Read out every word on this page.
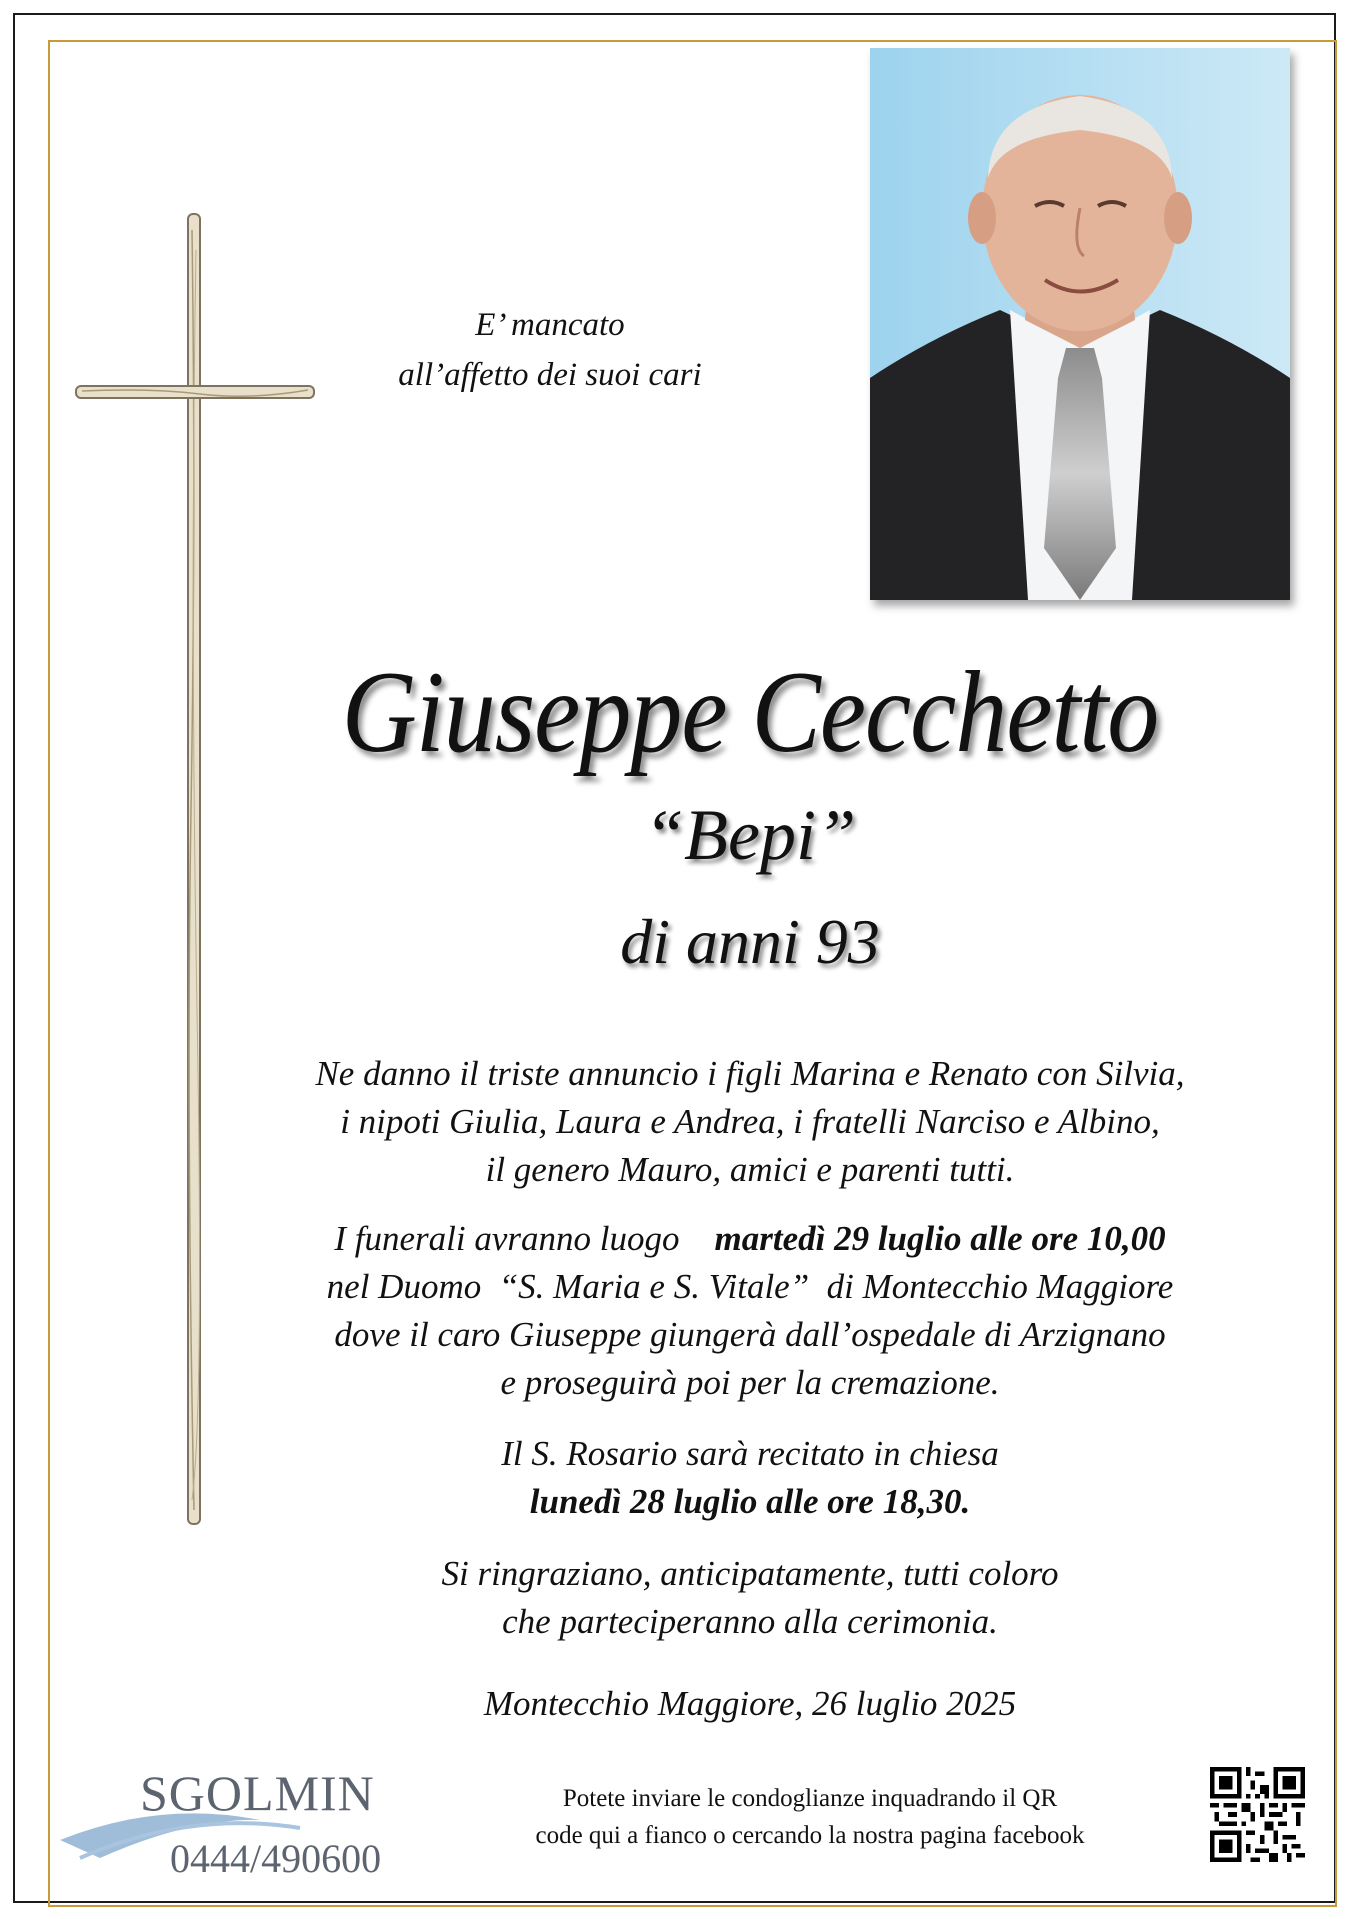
E’ mancato
all’affetto dei suoi cari
Giuseppe Cecchetto
“Bepi”
di anni 93
Ne danno il triste annuncio i figli Marina e Renato con Silvia,
i nipoti Giulia, Laura e Andrea, i fratelli Narciso e Albino,
il genero Mauro, amici e parenti tutti.
I funerali avranno luogo martedì 29 luglio alle ore 10,00
nel Duomo  “S. Maria e S. Vitale”  di Montecchio Maggiore
dove il caro Giuseppe giungerà dall’ospedale di Arzignano
e proseguirà poi per la cremazione.
Il S. Rosario sarà recitato in chiesa
lunedì 28 luglio alle ore 18,30.
Si ringraziano, anticipatamente, tutti coloro
che parteciperanno alla cerimonia.
Montecchio Maggiore, 26 luglio 2025
SGOLMIN
0444/490600
Potete inviare le condoglianze inquadrando il QR
code qui a fianco o cercando la nostra pagina facebook
